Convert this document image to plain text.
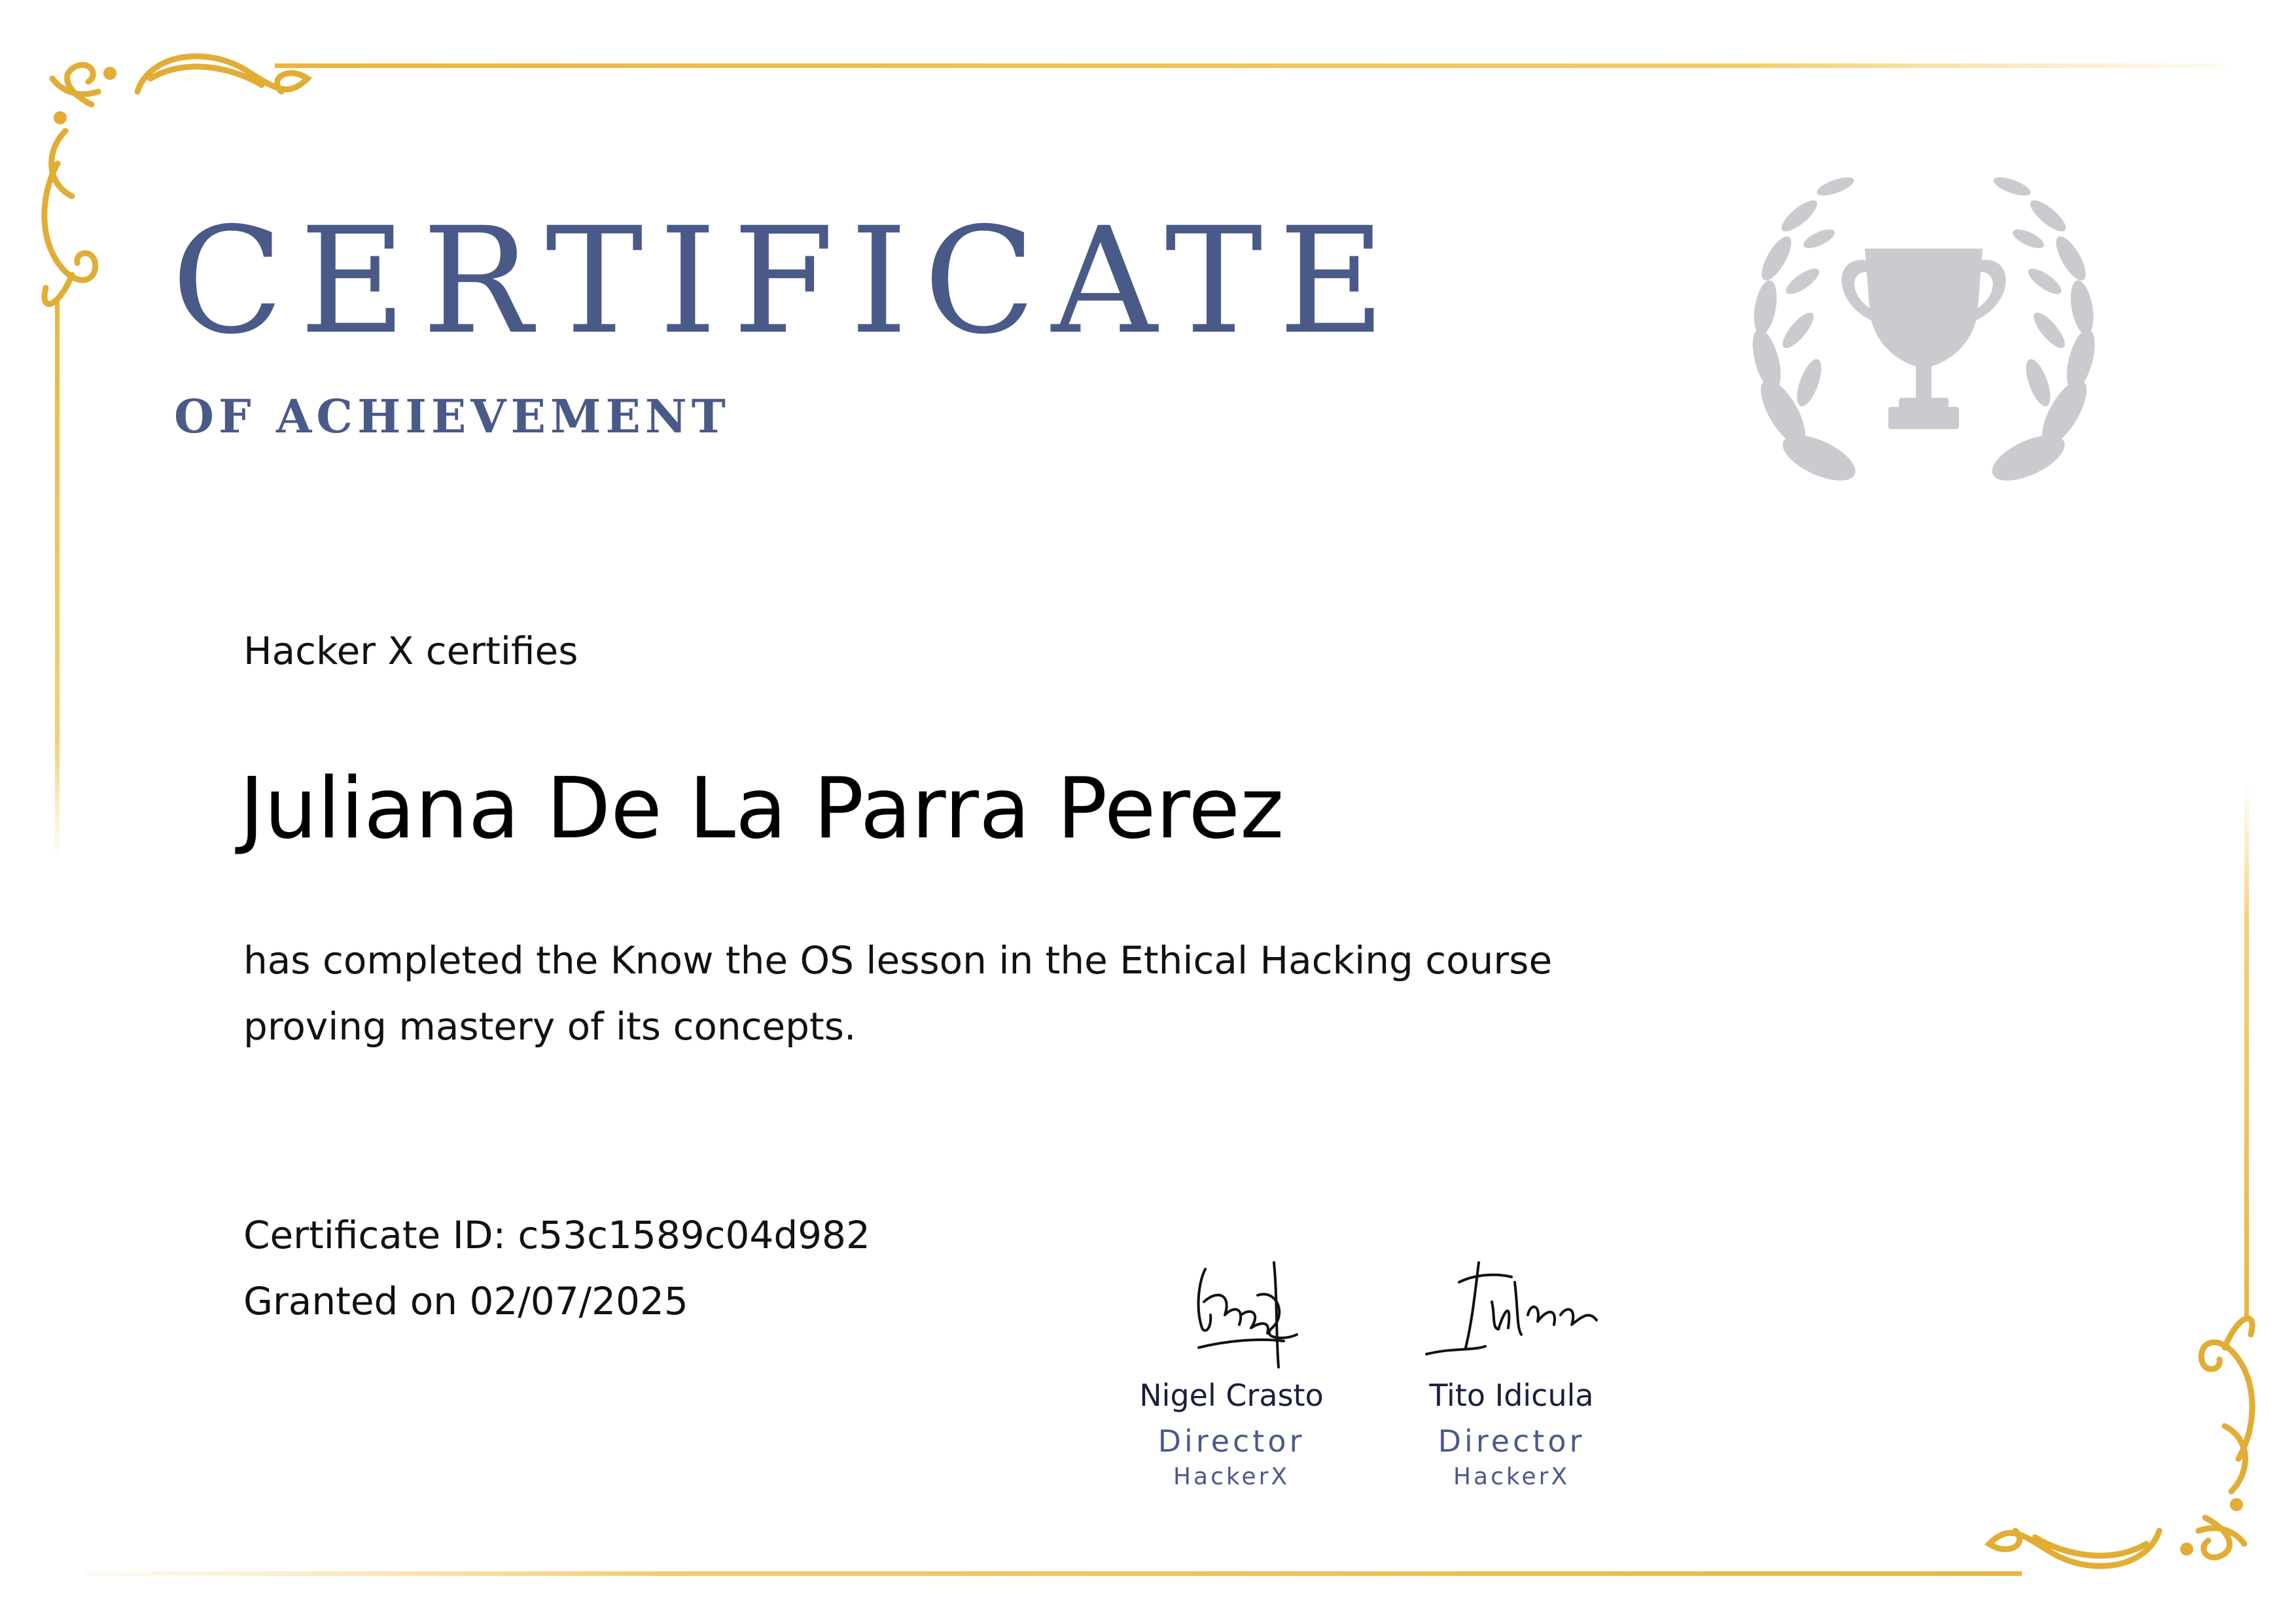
CERTIFICATE
OF ACHIEVEMENT
Hacker X certifies
Juliana De La Parra Perez
has completed the Know the OS lesson in the Ethical Hacking course
proving mastery of its concepts.
Certificate ID: c53c1589c04d982
Granted on 02/07/2025
Nigel Crasto
Director
HackerX
Tito Idicula
Director
HackerX
